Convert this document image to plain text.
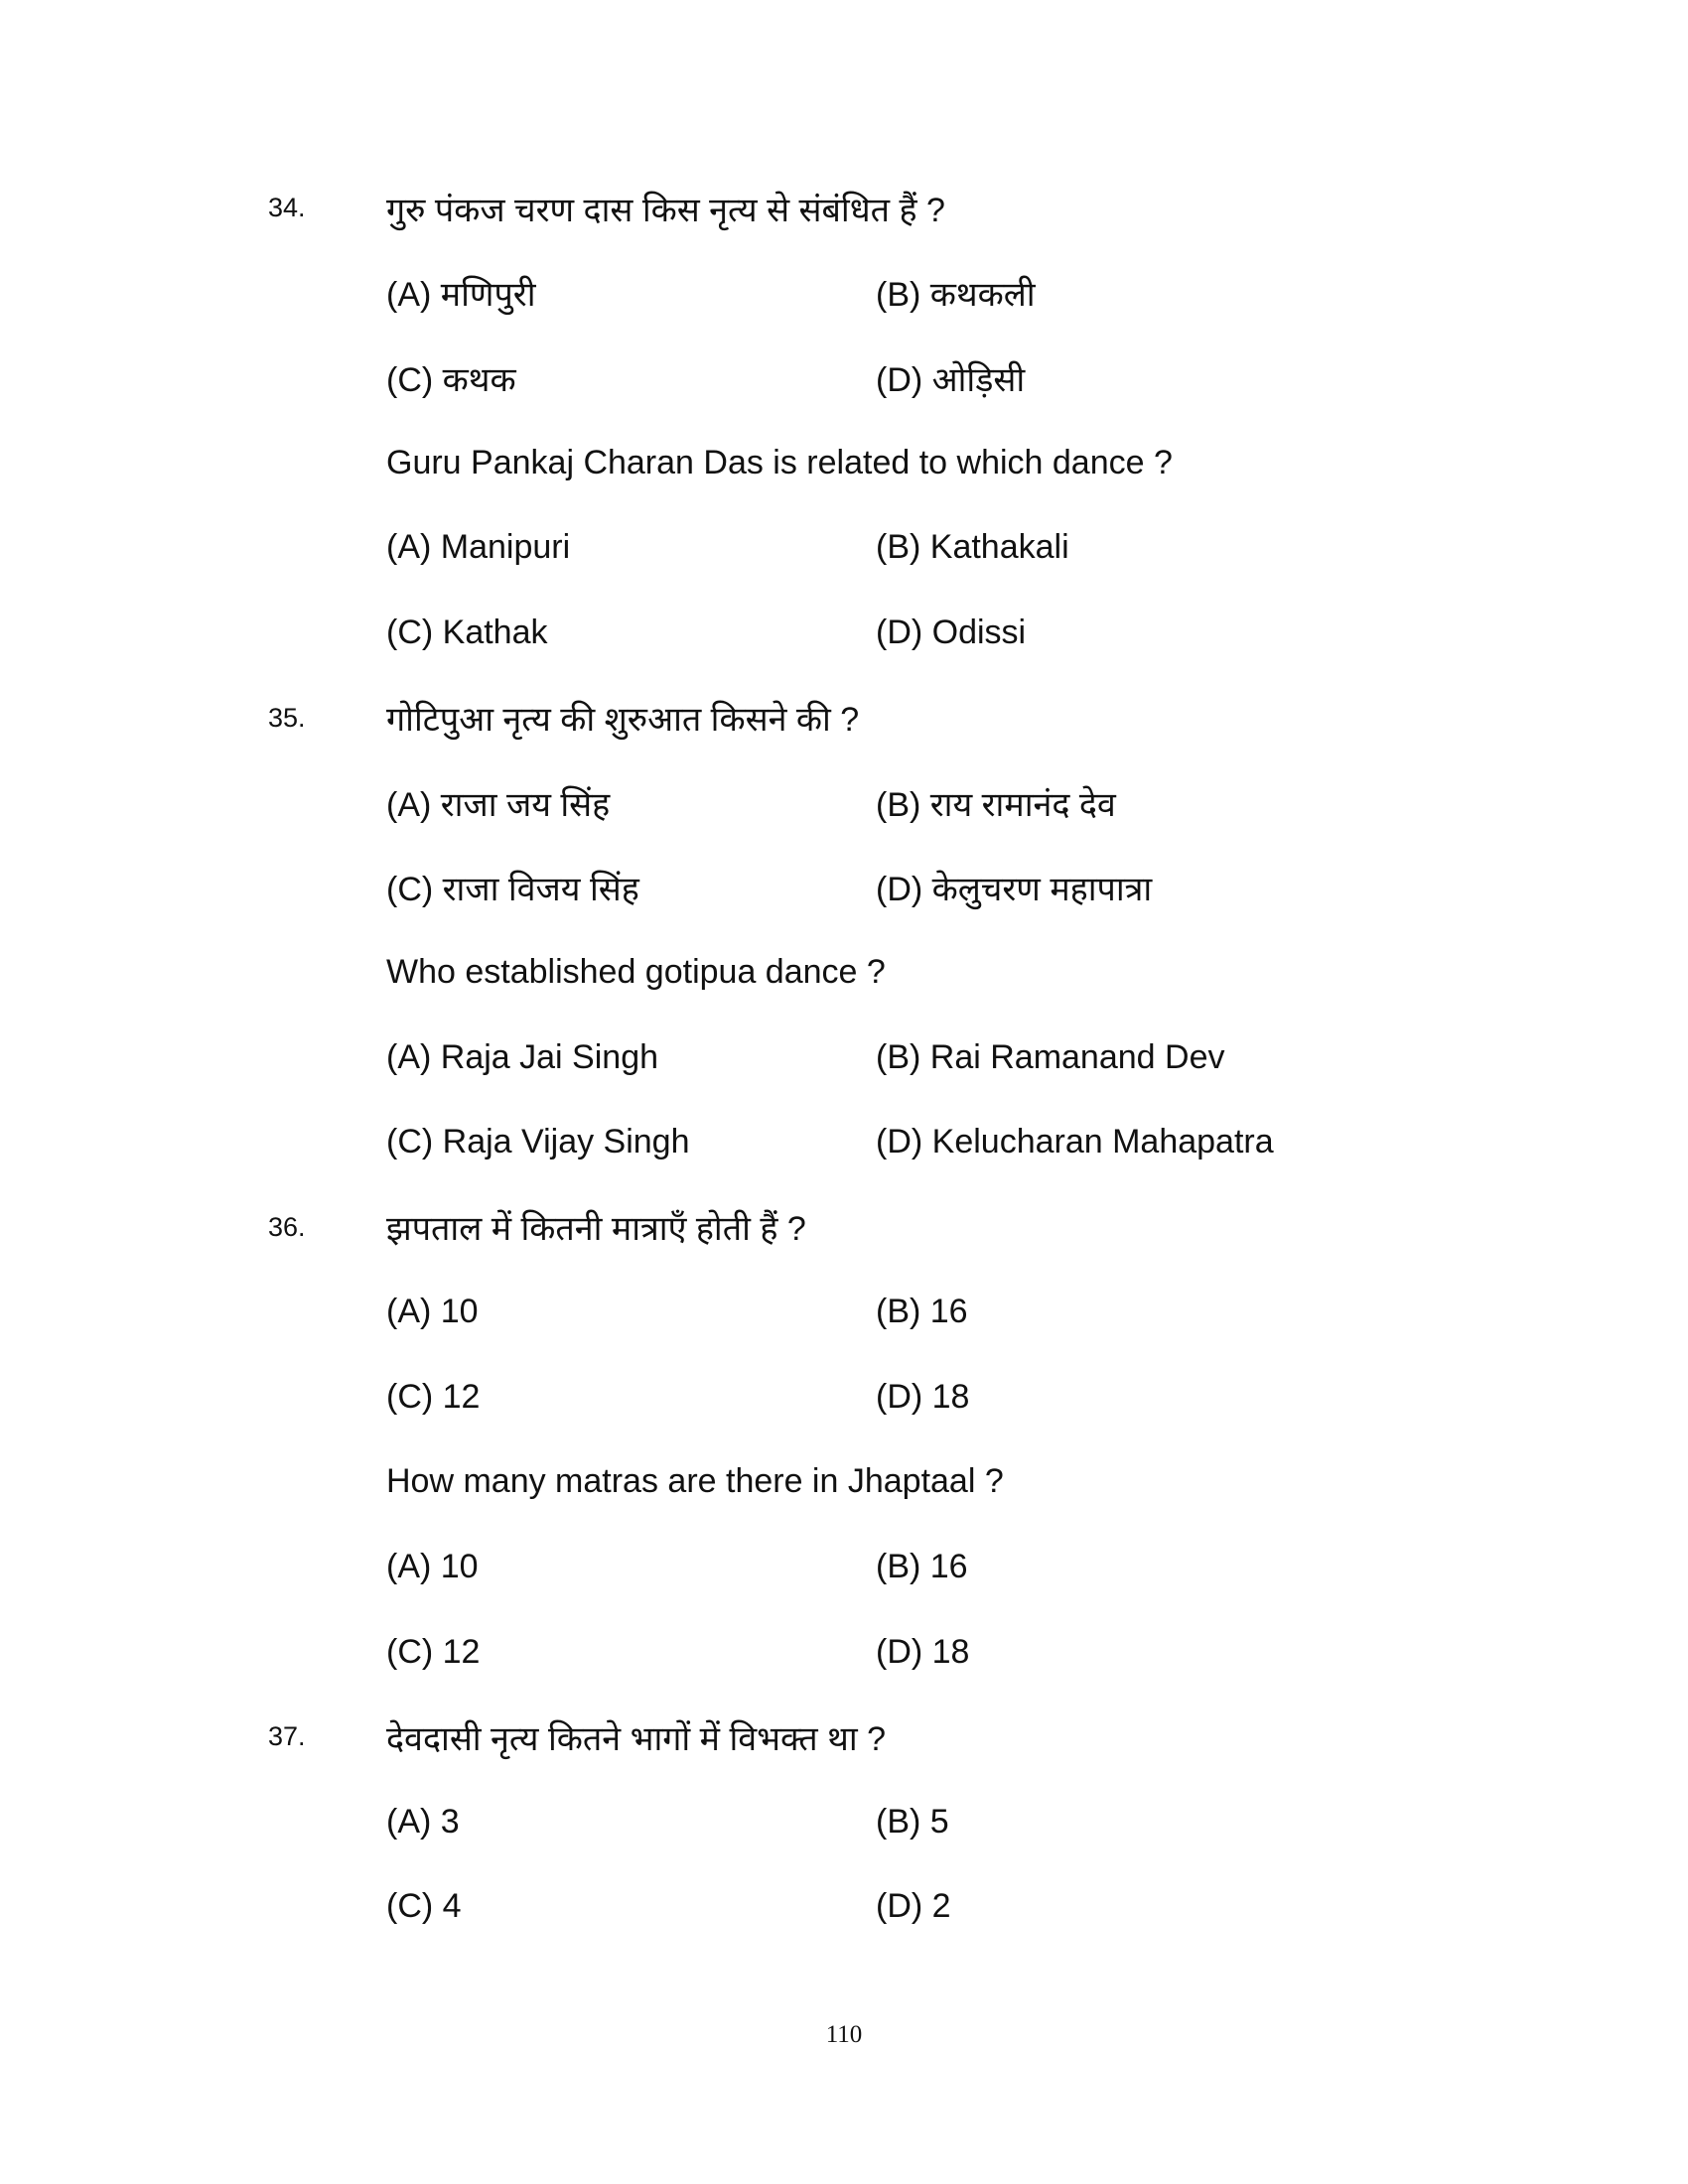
34. गुरु पंकज चरण दास किस नृत्य से संबंधित हैं ?
(A) मणिपुरी	(B) कथकली
(C) कथक	(D) ओड़िसी
Guru Pankaj Charan Das is related to which dance ?
(A) Manipuri	(B) Kathakali
(C) Kathak	(D) Odissi
35. गोटिपुआ नृत्य की शुरुआत किसने की ?
(A) राजा जय सिंह	(B) राय रामानंद देव
(C) राजा विजय सिंह	(D) केलुचरण महापात्रा
Who established gotipua dance ?
(A) Raja Jai Singh	(B) Rai Ramanand Dev
(C) Raja Vijay Singh	(D) Kelucharan Mahapatra
36. झपताल में कितनी मात्राएँ होती हैं ?
(A) 10	(B) 16
(C) 12	(D) 18
How many matras are there in Jhaptaal ?
(A) 10	(B) 16
(C) 12	(D) 18
37. देवदासी नृत्य कितने भागों में विभक्त था ?
(A) 3	(B) 5
(C) 4	(D) 2
110
